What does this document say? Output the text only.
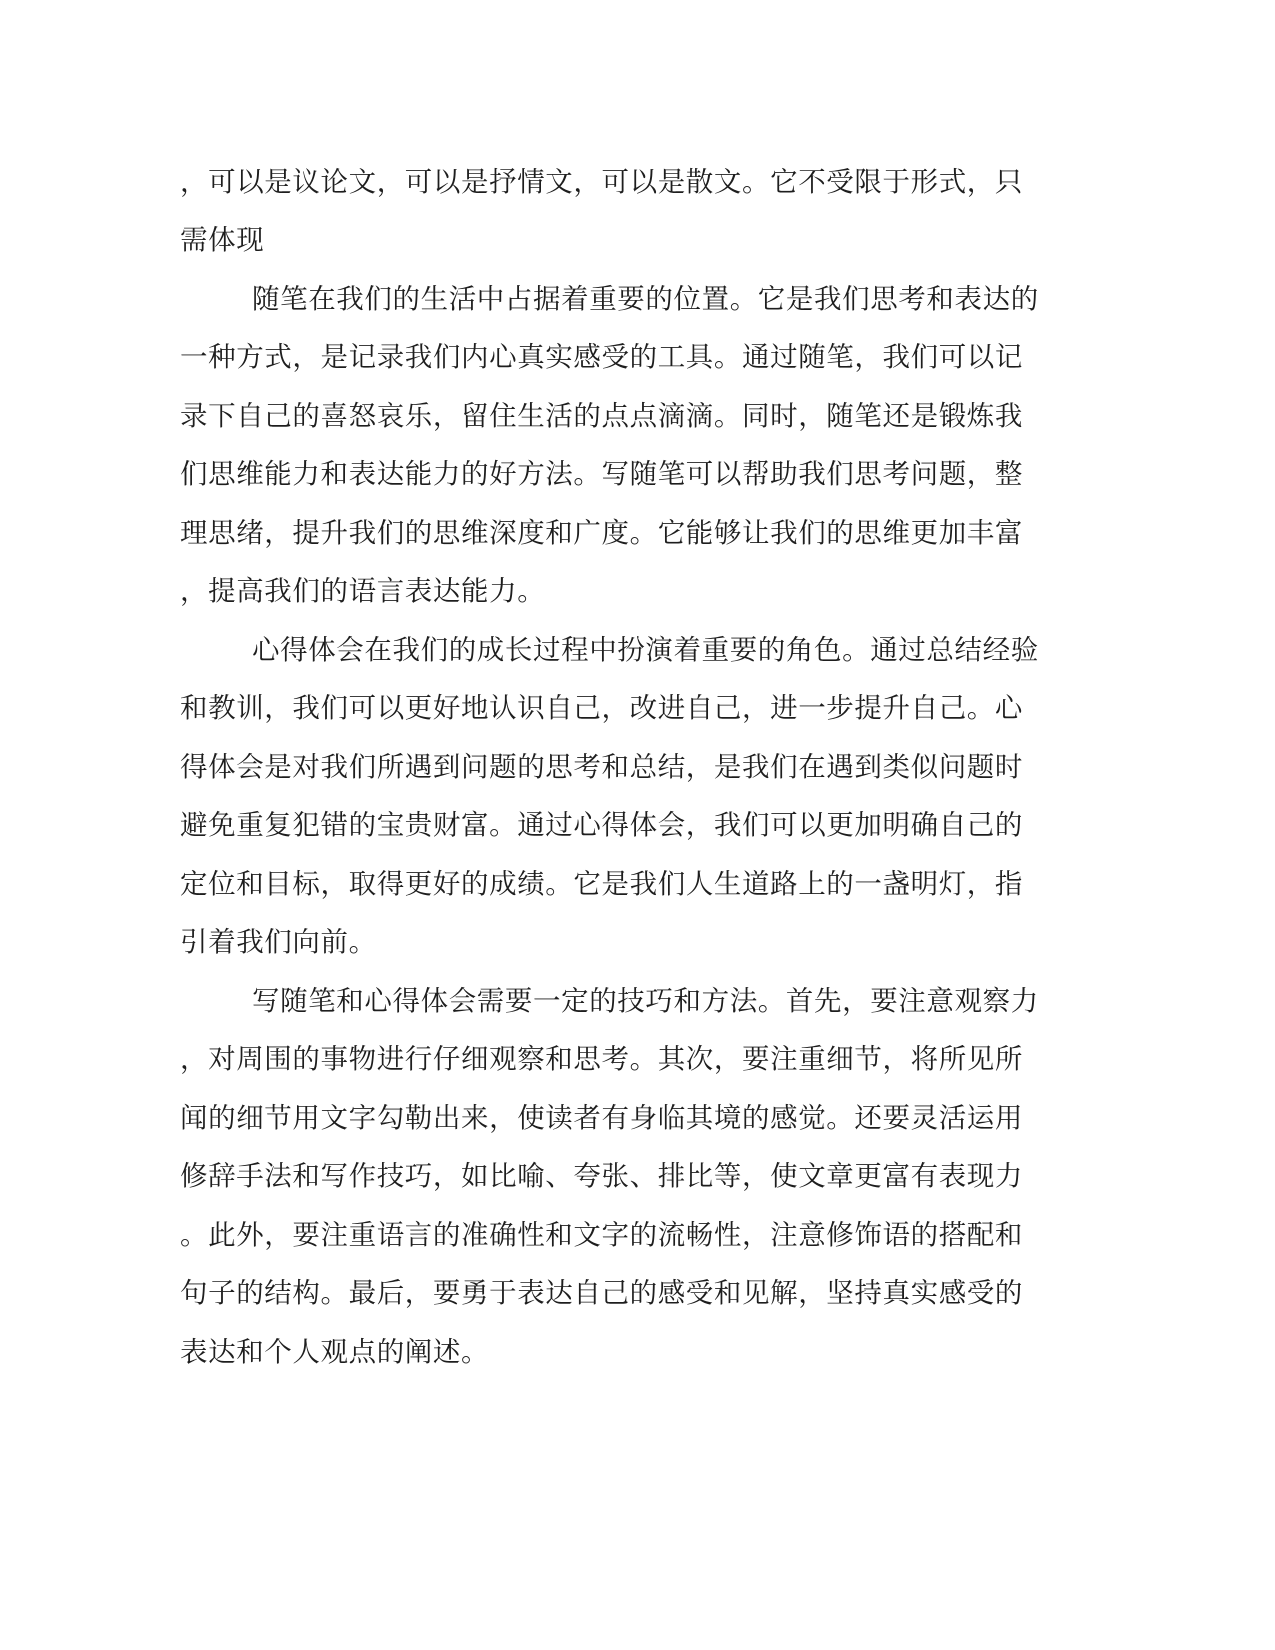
，可以是议论文，可以是抒情文，可以是散文。它不受限于形式，只
需体现
随笔在我们的生活中占据着重要的位置。它是我们思考和表达的
一种方式，是记录我们内心真实感受的工具。通过随笔，我们可以记
录下自己的喜怒哀乐，留住生活的点点滴滴。同时，随笔还是锻炼我
们思维能力和表达能力的好方法。写随笔可以帮助我们思考问题，整
理思绪，提升我们的思维深度和广度。它能够让我们的思维更加丰富
，提高我们的语言表达能力。
心得体会在我们的成长过程中扮演着重要的角色。通过总结经验
和教训，我们可以更好地认识自己，改进自己，进一步提升自己。心
得体会是对我们所遇到问题的思考和总结，是我们在遇到类似问题时
避免重复犯错的宝贵财富。通过心得体会，我们可以更加明确自己的
定位和目标，取得更好的成绩。它是我们人生道路上的一盏明灯，指
引着我们向前。
写随笔和心得体会需要一定的技巧和方法。首先，要注意观察力
，对周围的事物进行仔细观察和思考。其次，要注重细节，将所见所
闻的细节用文字勾勒出来，使读者有身临其境的感觉。还要灵活运用
修辞手法和写作技巧，如比喻、夸张、排比等，使文章更富有表现力
。此外，要注重语言的准确性和文字的流畅性，注意修饰语的搭配和
句子的结构。最后，要勇于表达自己的感受和见解，坚持真实感受的
表达和个人观点的阐述。
